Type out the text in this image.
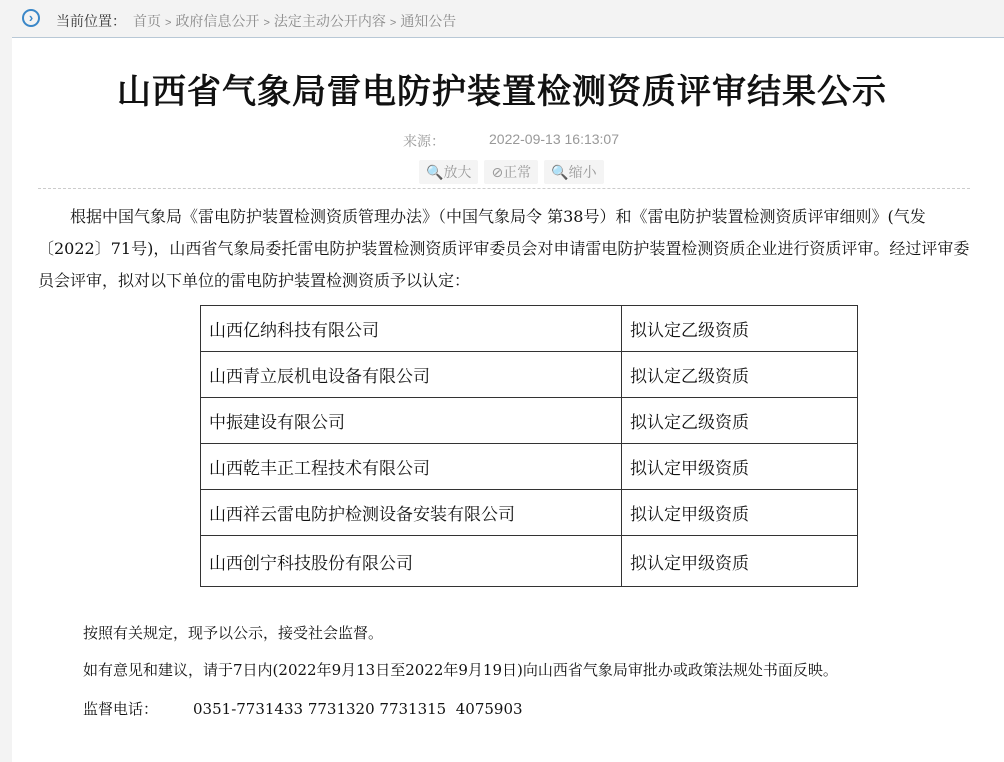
›	当前位置： 首页 > 政府信息公开 > 法定主动公开内容 > 通知公告
山西省气象局雷电防护装置检测资质评审结果公示
来源：	2022-09-13 16:13:07
🔍放大	⊘正常	🔍缩小

根据中国气象局《雷电防护装置检测资质管理办法》（中国气象局令 第38号）和《雷电防护装置检测资质评审细则》(气发〔2022〕71号)，山西省气象局委托雷电防护装置检测资质评审委员会对申请雷电防护装置检测资质企业进行资质评审。经过评审委员会评审，拟对以下单位的雷电防护装置检测资质予以认定：

山西亿纳科技有限公司	拟认定乙级资质
山西青立辰机电设备有限公司	拟认定乙级资质
中振建设有限公司	拟认定乙级资质
山西乾丰正工程技术有限公司	拟认定甲级资质
山西祥云雷电防护检测设备安装有限公司	拟认定甲级资质
山西创宁科技股份有限公司	拟认定甲级资质
按照有关规定，现予以公示，接受社会监督。
如有意见和建议，请于7日内(2022年9月13日至2022年9月19日)向山西省气象局审批办或政策法规处书面反映。
监督电话： 0351-7731433 7731320 7731315  4075903
